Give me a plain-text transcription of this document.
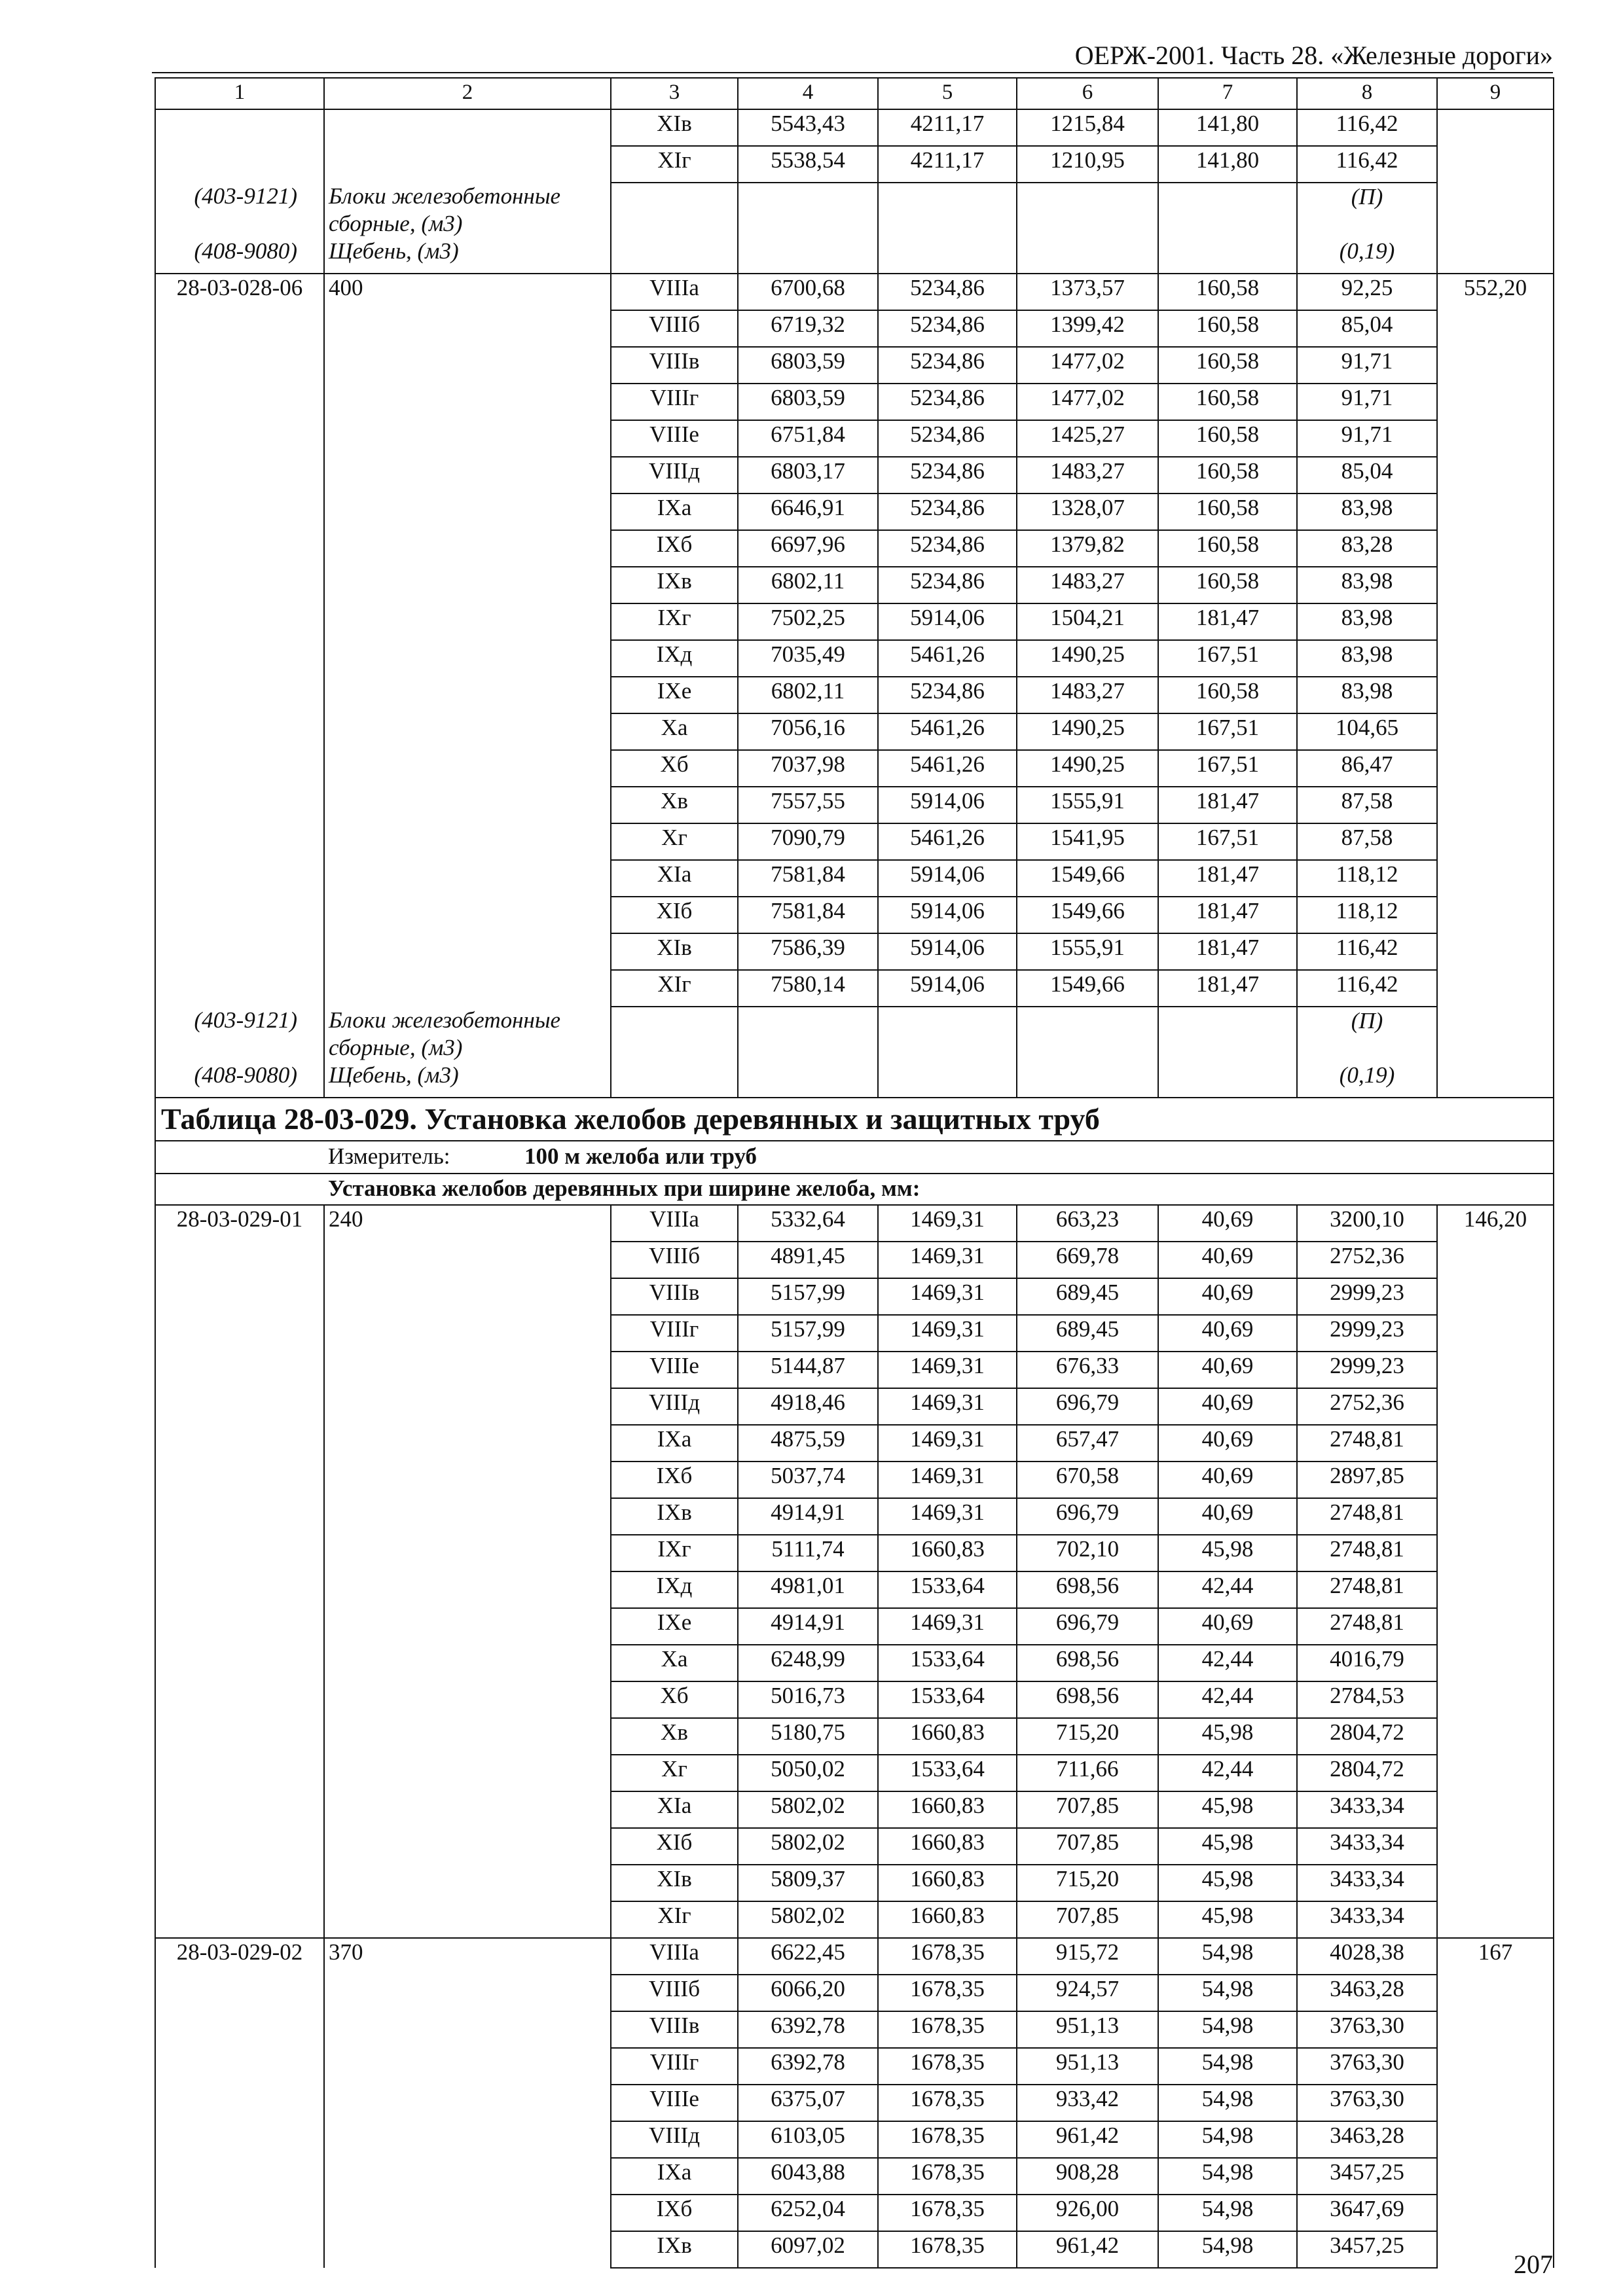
ОЕРЖ-2001. Часть 28. «Железные дороги»
1	2	3	4	5	6	7	8	9
		XIв	5543,43	4211,17	1215,84	141,80	116,42	
		XIг	5538,54	4211,17	1210,95	141,80	116,42	
(403-9121)	Блоки железобетонные сборные, (м3)						(П)	
(408-9080)	Щебень, (м3)						(0,19)	
28-03-028-06	400	VIIIa	6700,68	5234,86	1373,57	160,58	92,25	552,20
		VIIIб	6719,32	5234,86	1399,42	160,58	85,04	
		VIIIв	6803,59	5234,86	1477,02	160,58	91,71	
		VIIIг	6803,59	5234,86	1477,02	160,58	91,71	
		VIIIе	6751,84	5234,86	1425,27	160,58	91,71	
		VIIIд	6803,17	5234,86	1483,27	160,58	85,04	
		IXa	6646,91	5234,86	1328,07	160,58	83,98	
		IXб	6697,96	5234,86	1379,82	160,58	83,28	
		IXв	6802,11	5234,86	1483,27	160,58	83,98	
		IXг	7502,25	5914,06	1504,21	181,47	83,98	
		IXд	7035,49	5461,26	1490,25	167,51	83,98	
		IXе	6802,11	5234,86	1483,27	160,58	83,98	
		Xa	7056,16	5461,26	1490,25	167,51	104,65	
		Xб	7037,98	5461,26	1490,25	167,51	86,47	
		Xв	7557,55	5914,06	1555,91	181,47	87,58	
		Xг	7090,79	5461,26	1541,95	167,51	87,58	
		XIa	7581,84	5914,06	1549,66	181,47	118,12	
		XIб	7581,84	5914,06	1549,66	181,47	118,12	
		XIв	7586,39	5914,06	1555,91	181,47	116,42	
		XIг	7580,14	5914,06	1549,66	181,47	116,42	
(403-9121)	Блоки железобетонные сборные, (м3)						(П)	
(408-9080)	Щебень, (м3)						(0,19)	
Таблица 28-03-029. Установка желобов деревянных и защитных труб								
	Измеритель: 100 м желоба или труб							
	Установка желобов деревянных при ширине желоба, мм:							
28-03-029-01	240	VIIIa	5332,64	1469,31	663,23	40,69	3200,10	146,20
		VIIIб	4891,45	1469,31	669,78	40,69	2752,36	
		VIIIв	5157,99	1469,31	689,45	40,69	2999,23	
		VIIIг	5157,99	1469,31	689,45	40,69	2999,23	
		VIIIе	5144,87	1469,31	676,33	40,69	2999,23	
		VIIIд	4918,46	1469,31	696,79	40,69	2752,36	
		IXa	4875,59	1469,31	657,47	40,69	2748,81	
		IXб	5037,74	1469,31	670,58	40,69	2897,85	
		IXв	4914,91	1469,31	696,79	40,69	2748,81	
		IXг	5111,74	1660,83	702,10	45,98	2748,81	
		IXд	4981,01	1533,64	698,56	42,44	2748,81	
		IXе	4914,91	1469,31	696,79	40,69	2748,81	
		Xa	6248,99	1533,64	698,56	42,44	4016,79	
		Xб	5016,73	1533,64	698,56	42,44	2784,53	
		Xв	5180,75	1660,83	715,20	45,98	2804,72	
		Xг	5050,02	1533,64	711,66	42,44	2804,72	
		XIa	5802,02	1660,83	707,85	45,98	3433,34	
		XIб	5802,02	1660,83	707,85	45,98	3433,34	
		XIв	5809,37	1660,83	715,20	45,98	3433,34	
		XIг	5802,02	1660,83	707,85	45,98	3433,34	
28-03-029-02	370	VIIIa	6622,45	1678,35	915,72	54,98	4028,38	167
		VIIIб	6066,20	1678,35	924,57	54,98	3463,28	
		VIIIв	6392,78	1678,35	951,13	54,98	3763,30	
		VIIIг	6392,78	1678,35	951,13	54,98	3763,30	
		VIIIе	6375,07	1678,35	933,42	54,98	3763,30	
		VIIIд	6103,05	1678,35	961,42	54,98	3463,28	
		IXa	6043,88	1678,35	908,28	54,98	3457,25	
		IXб	6252,04	1678,35	926,00	54,98	3647,69	
		IXв	6097,02	1678,35	961,42	54,98	3457,25	
207
